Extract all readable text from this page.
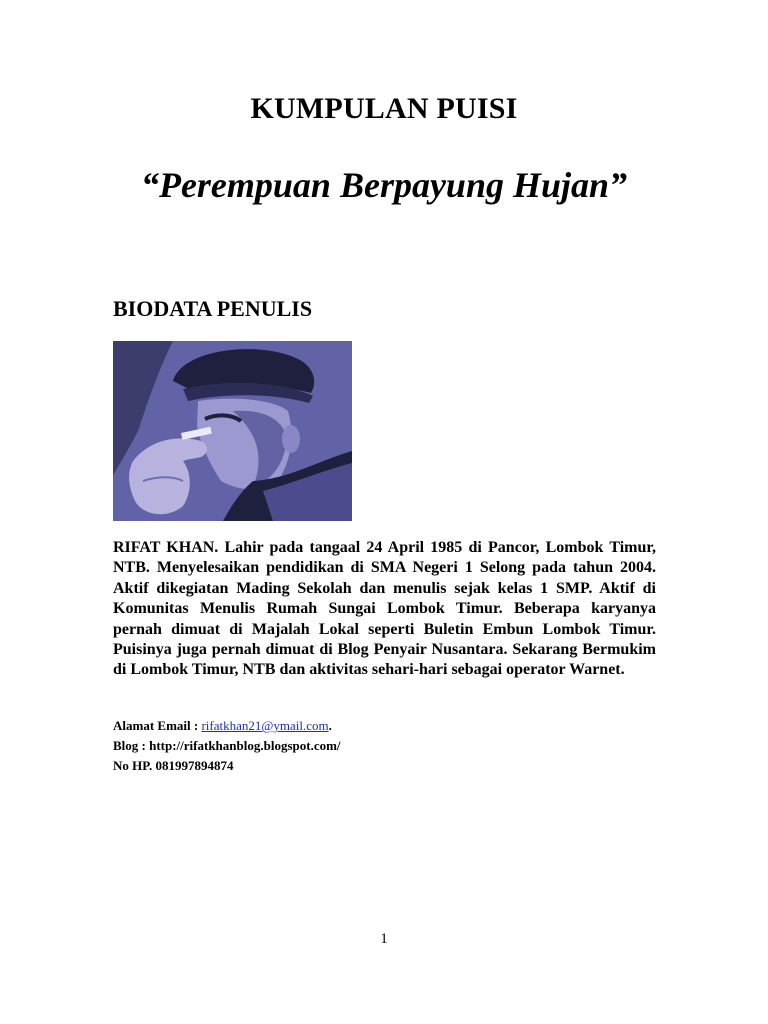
KUMPULAN PUISI
“Perempuan Berpayung Hujan”
BIODATA PENULIS
RIFAT KHAN. Lahir pada tangaal 24 April 1985 di Pancor, Lombok Timur, NTB. Menyelesaikan pendidikan di SMA Negeri 1 Selong pada tahun 2004. Aktif dikegiatan Mading Sekolah dan menulis sejak kelas 1 SMP. Aktif di Komunitas Menulis Rumah Sungai Lombok Timur. Beberapa karyanya pernah dimuat di Majalah Lokal seperti Buletin Embun Lombok Timur. Puisinya juga pernah dimuat di Blog Penyair Nusantara. Sekarang Bermukim di Lombok Timur, NTB dan aktivitas sehari-hari sebagai operator Warnet.
Alamat Email : rifatkhan21@ymail.com.
Blog : http://rifatkhanblog.blogspot.com/
No HP. 081997894874
1
